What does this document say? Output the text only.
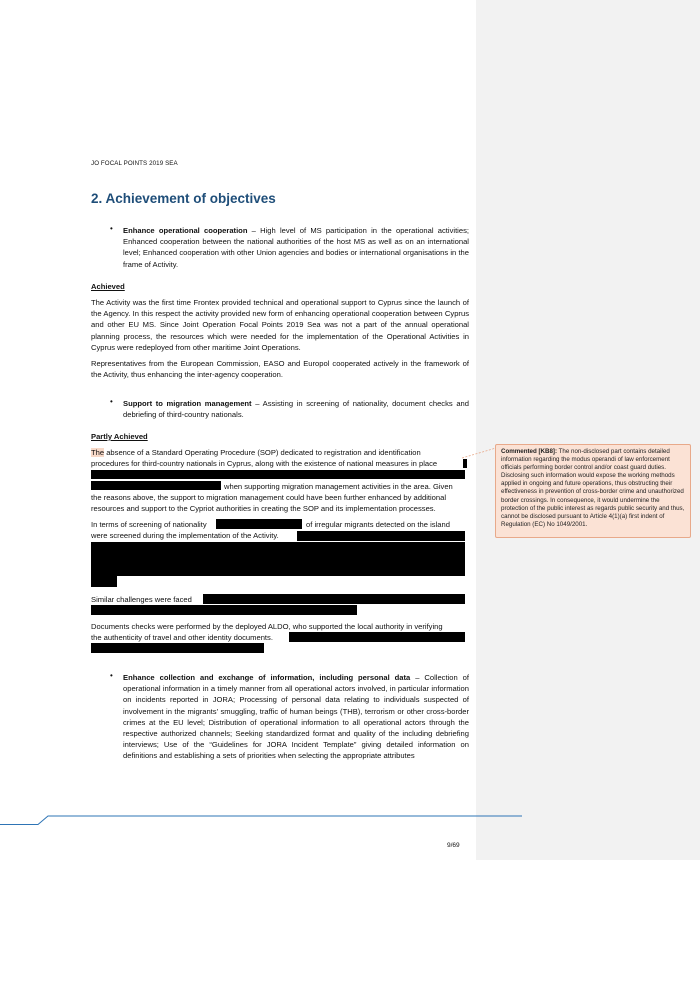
JO FOCAL POINTS 2019 SEA
2. Achievement of objectives
• Enhance operational cooperation – High level of MS participation in the operational activities; Enhanced cooperation between the national authorities of the host MS as well as on an international level; Enhanced cooperation with other Union agencies and bodies or international organisations in the frame of Activity.

Achieved

The Activity was the first time Frontex provided technical and operational support to Cyprus since the launch of the Agency. In this respect the activity provided new form of enhancing operational cooperation between Cyprus and other EU MS. Since Joint Operation Focal Points 2019 Sea was not a part of the annual operational planning process, the resources which were needed for the implementation of the Operational Activities in Cyprus were redeployed from other maritime Joint Operations.

Representatives from the European Commission, EASO and Europol cooperated actively in the framework of the Activity, thus enhancing the inter-agency cooperation.

• Support to migration management – Assisting in screening of nationality, document checks and debriefing of third-country nationals.

Partly Achieved
The absence of a Standard Operating Procedure (SOP) dedicated to registration and identification
procedures for third-country nationals in Cyprus, along with the existence of national measures in place
when supporting migration management activities in the area. Given
the reasons above, the support to migration management could have been further enhanced by additional
resources and support to the Cypriot authorities in creating the SOP and its implementation processes.
In terms of screening of nationality	of irregular migrants detected on the island
were screened during the implementation of the Activity.
Similar challenges were faced
Documents checks were performed by the deployed ALDO, who supported the local authority in verifying
the authenticity of travel and other identity documents.
• Enhance collection and exchange of information, including personal data – Collection of operational information in a timely manner from all operational actors involved, in particular information on incidents reported in JORA; Processing of personal data relating to individuals suspected of involvement in the migrants' smuggling, traffic of human beings (THB), terrorism or other cross-border crimes at the EU level; Distribution of operational information to all operational actors through the respective authorized channels; Seeking standardized format and quality of the including debriefing interviews; Use of the “Guidelines for JORA Incident Template” giving detailed information on definitions and establishing a sets of priorities when selecting the appropriate attributes

Commented [KB8]: The non-disclosed part contains detailed information regarding the modus operandi of law enforcement officials performing border control and/or coast guard duties. Disclosing such information would expose the working methods applied in ongoing and future operations, thus obstructing their effectiveness in prevention of cross-border crime and unauthorized border crossings. In consequence, it would undermine the protection of the public interest as regards public security and thus, cannot be disclosed pursuant to Article 4(1)(a) first indent of Regulation (EC) No 1049/2001.
9/69
